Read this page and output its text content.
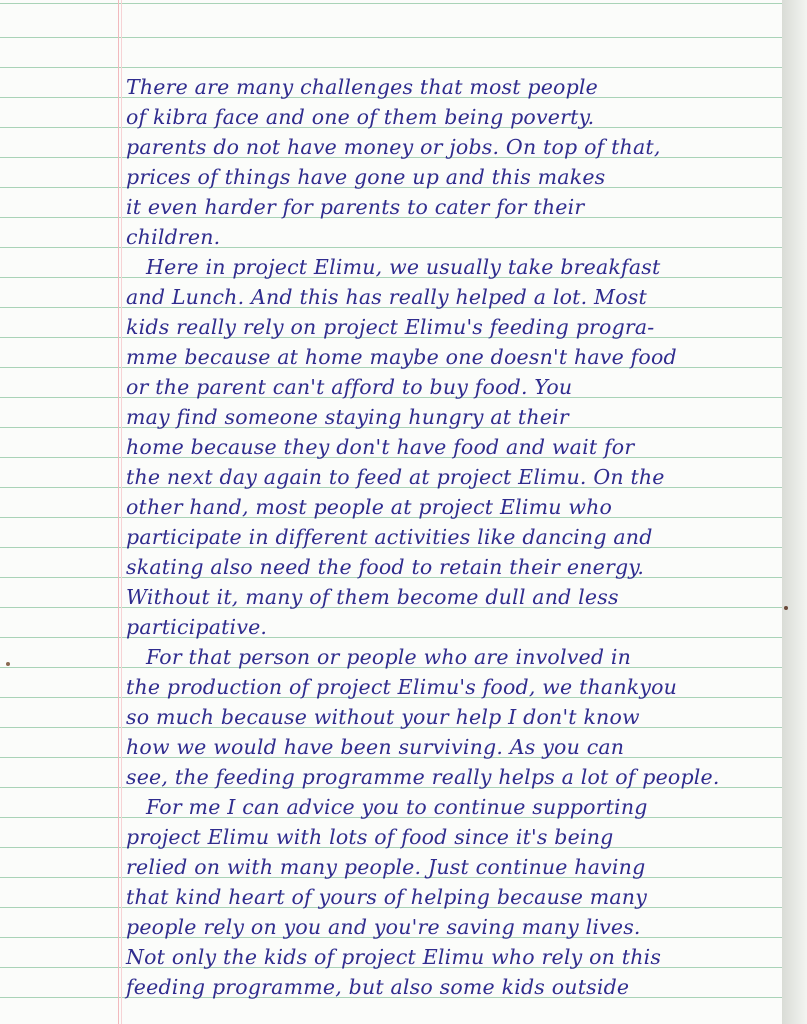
There are many challenges that most people
of kibra face and one of them being poverty.
parents do not have money or jobs. On top of that,
prices of things have gone up and this makes
it even harder for parents to cater for their
children.
Here in project Elimu, we usually take breakfast
and Lunch. And this has really helped a lot. Most
kids really rely on project Elimu's feeding progra-
mme because at home maybe one doesn't have food
or the parent can't afford to buy food. You
may find someone staying hungry at their
home because they don't have food and wait for
the next day again to feed at project Elimu. On the
other hand, most people at project Elimu who
participate in different activities like dancing and
skating also need the food to retain their energy.
Without it, many of them become dull and less
participative.
For that person or people who are involved in
the production of project Elimu's food, we thankyou
so much because without your help I don't know
how we would have been surviving. As you can
see, the feeding programme really helps a lot of people.
For me I can advice you to continue supporting
project Elimu with lots of food since it's being
relied on with many people. Just continue having
that kind heart of yours of helping because many
people rely on you and you're saving many lives.
Not only the kids of project Elimu who rely on this
feeding programme, but also some kids outside
